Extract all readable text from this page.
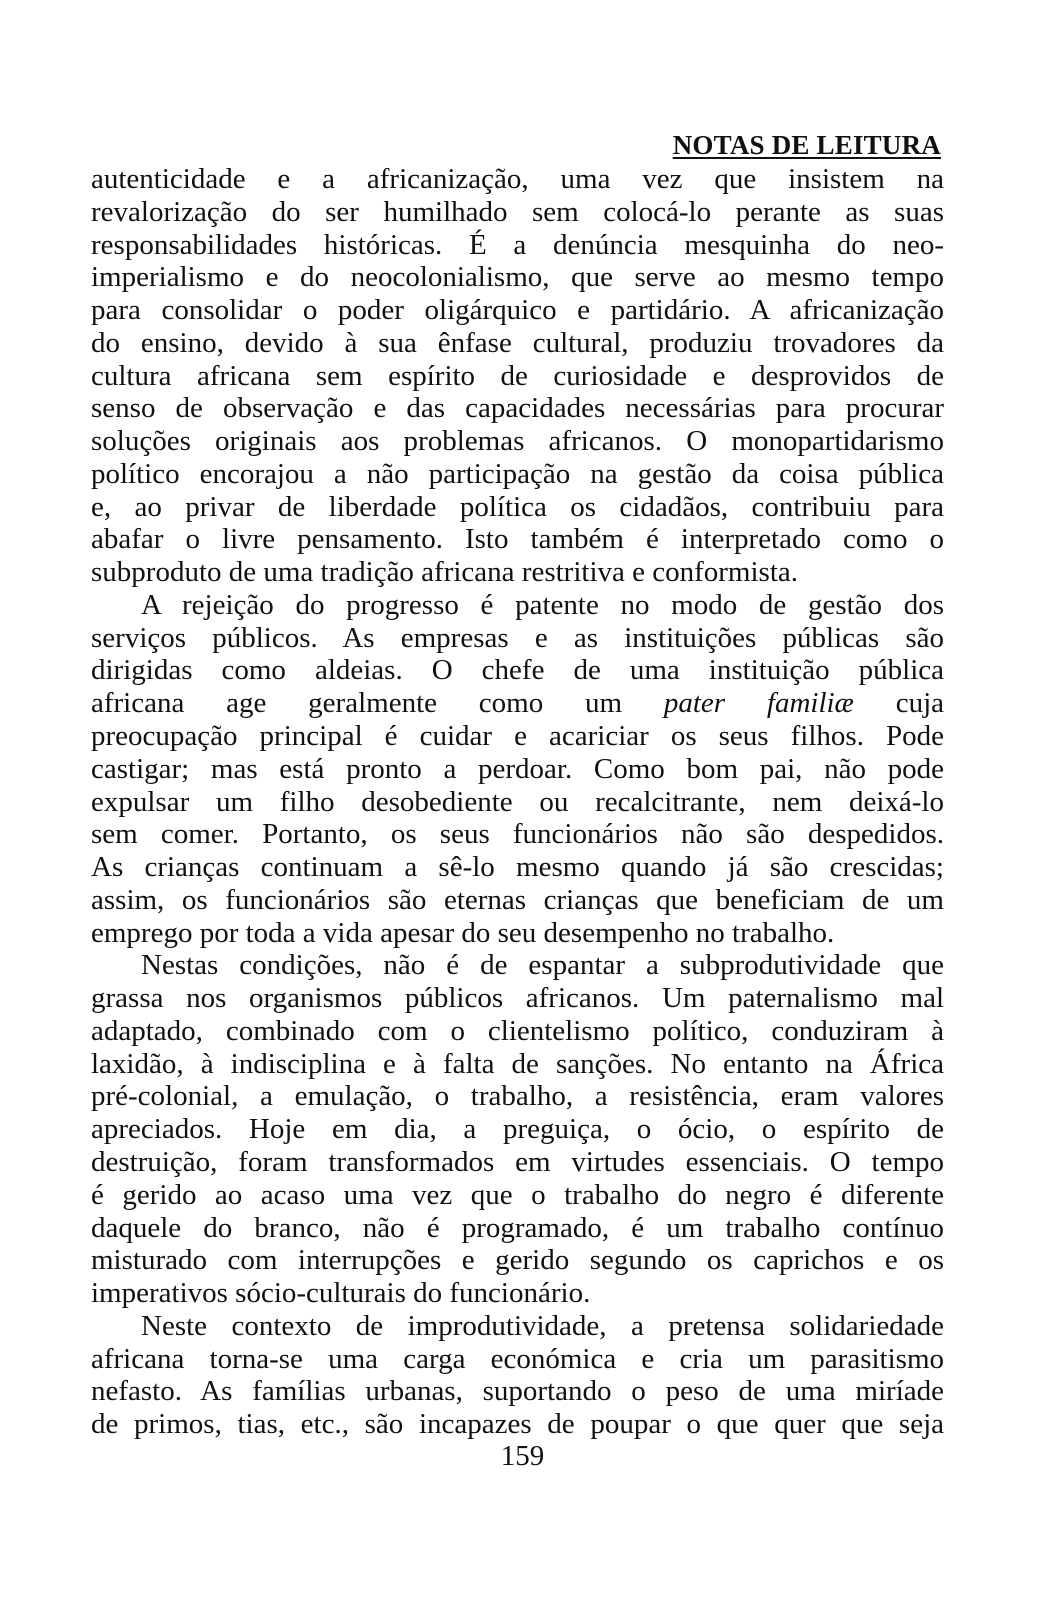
NOTAS DE LEITURA
autenticidade e a africanização, uma vez que insistem na
revalorização do ser humilhado sem colocá-lo perante as suas
responsabilidades históricas. É a denúncia mesquinha do neo-
imperialismo e do neocolonialismo, que serve ao mesmo tempo
para consolidar o poder oligárquico e partidário. A africanização
do ensino, devido à sua ênfase cultural, produziu trovadores da
cultura africana sem espírito de curiosidade e desprovidos de
senso de observação e das capacidades necessárias para procurar
soluções originais aos problemas africanos. O monopartidarismo
político encorajou a não participação na gestão da coisa pública
e, ao privar de liberdade política os cidadãos, contribuiu para
abafar o livre pensamento. Isto também é interpretado como o
subproduto de uma tradição africana restritiva e conformista.
A rejeição do progresso é patente no modo de gestão dos
serviços públicos. As empresas e as instituições públicas são
dirigidas como aldeias. O chefe de uma instituição pública
africana age geralmente como um pater familiæ cuja
preocupação principal é cuidar e acariciar os seus filhos. Pode
castigar; mas está pronto a perdoar. Como bom pai, não pode
expulsar um filho desobediente ou recalcitrante, nem deixá-lo
sem comer. Portanto, os seus funcionários não são despedidos.
As crianças continuam a sê-lo mesmo quando já são crescidas;
assim, os funcionários são eternas crianças que beneficiam de um
emprego por toda a vida apesar do seu desempenho no trabalho.
Nestas condições, não é de espantar a subprodutividade que
grassa nos organismos públicos africanos. Um paternalismo mal
adaptado, combinado com o clientelismo político, conduziram à
laxidão, à indisciplina e à falta de sanções. No entanto na África
pré-colonial, a emulação, o trabalho, a resistência, eram valores
apreciados. Hoje em dia, a preguiça, o ócio, o espírito de
destruição, foram transformados em virtudes essenciais. O tempo
é gerido ao acaso uma vez que o trabalho do negro é diferente
daquele do branco, não é programado, é um trabalho contínuo
misturado com interrupções e gerido segundo os caprichos e os
imperativos sócio-culturais do funcionário.
Neste contexto de improdutividade, a pretensa solidariedade
africana torna-se uma carga económica e cria um parasitismo
nefasto. As famílias urbanas, suportando o peso de uma miríade
de primos, tias, etc., são incapazes de poupar o que quer que seja
159
